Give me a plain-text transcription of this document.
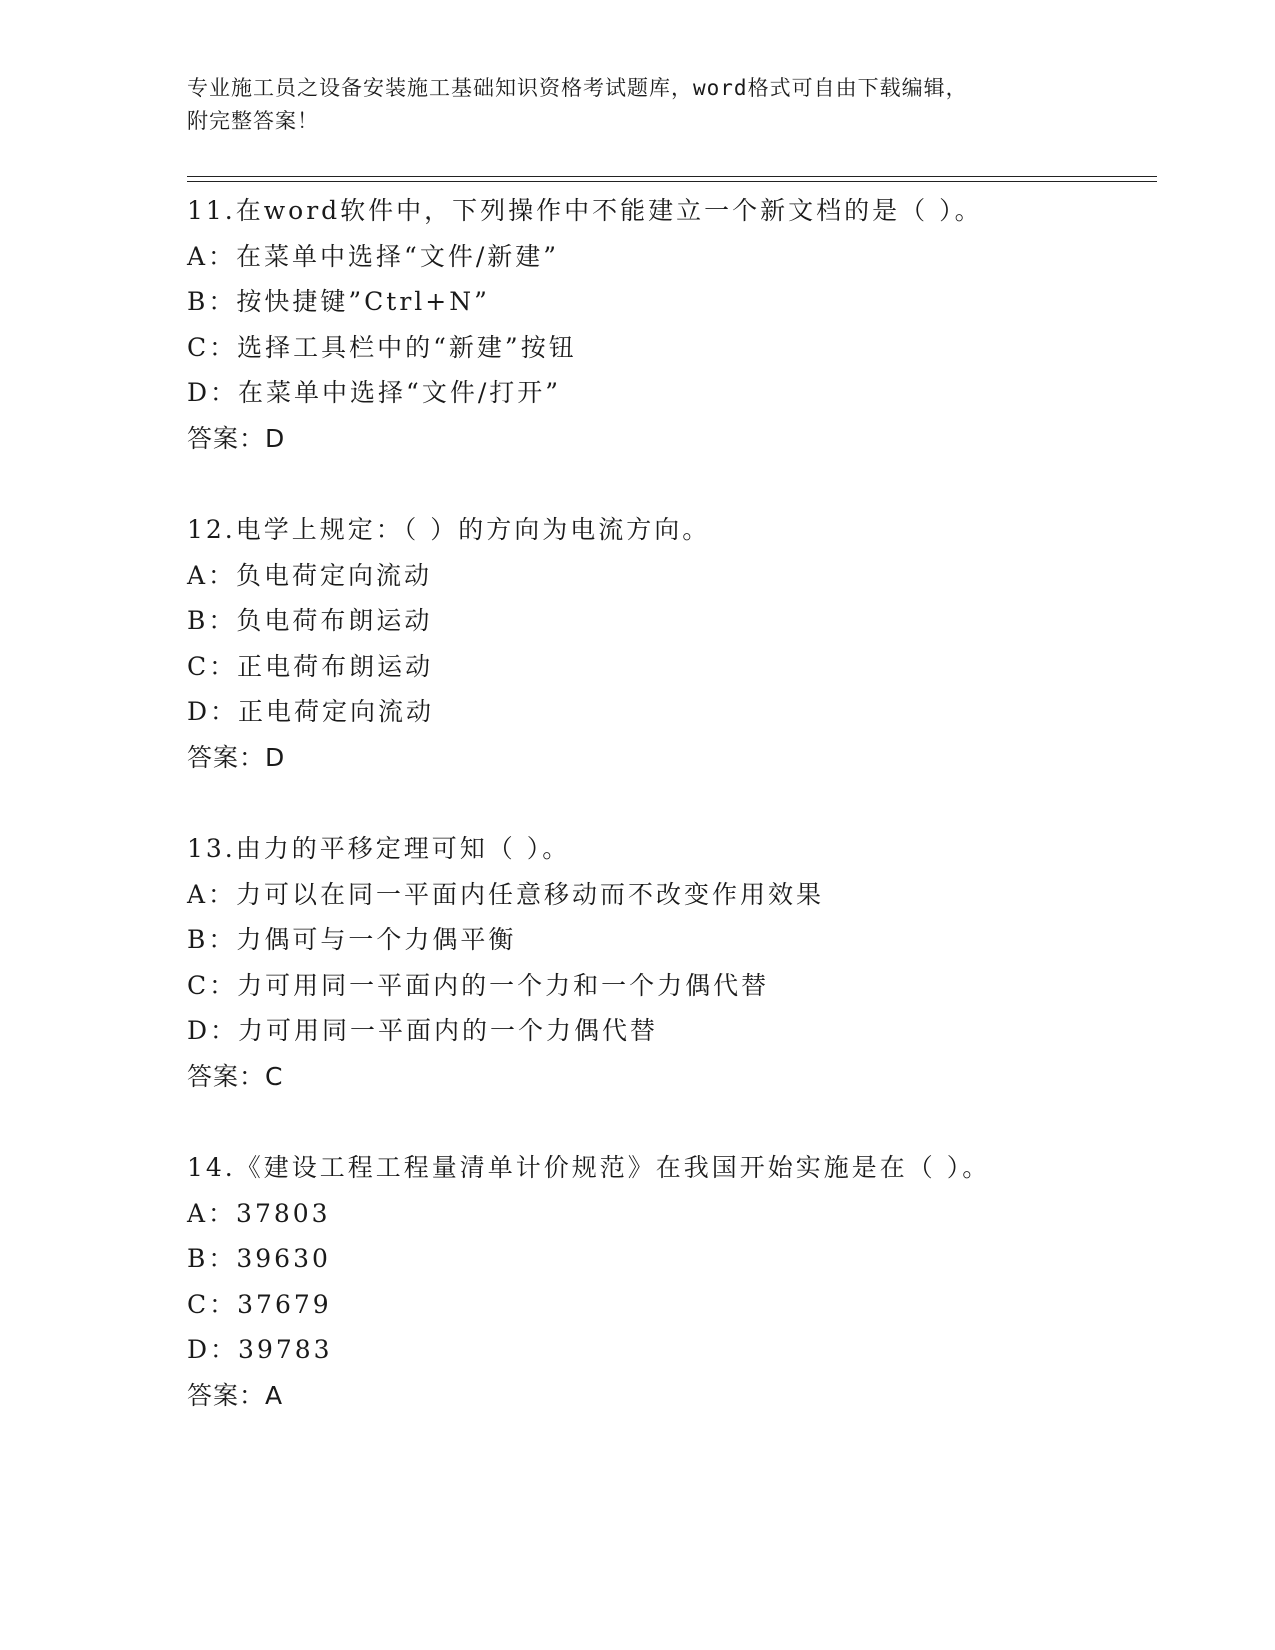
专业施工员之设备安装施工基础知识资格考试题库，word格式可自由下载编辑，
附完整答案！
11.在word软件中，下列操作中不能建立一个新文档的是（ ）。
A：在菜单中选择“文件/新建”
B：按快捷键”Ctrl+N”
C：选择工具栏中的“新建”按钮
D：在菜单中选择“文件/打开”
答案：D
12.电学上规定：（ ）的方向为电流方向。
A：负电荷定向流动
B：负电荷布朗运动
C：正电荷布朗运动
D：正电荷定向流动
答案：D
13.由力的平移定理可知（ ）。
A：力可以在同一平面内任意移动而不改变作用效果
B：力偶可与一个力偶平衡
C：力可用同一平面内的一个力和一个力偶代替
D：力可用同一平面内的一个力偶代替
答案：C
14.《建设工程工程量清单计价规范》在我国开始实施是在（ ）。
A：37803
B：39630
C：37679
D：39783
答案：A
